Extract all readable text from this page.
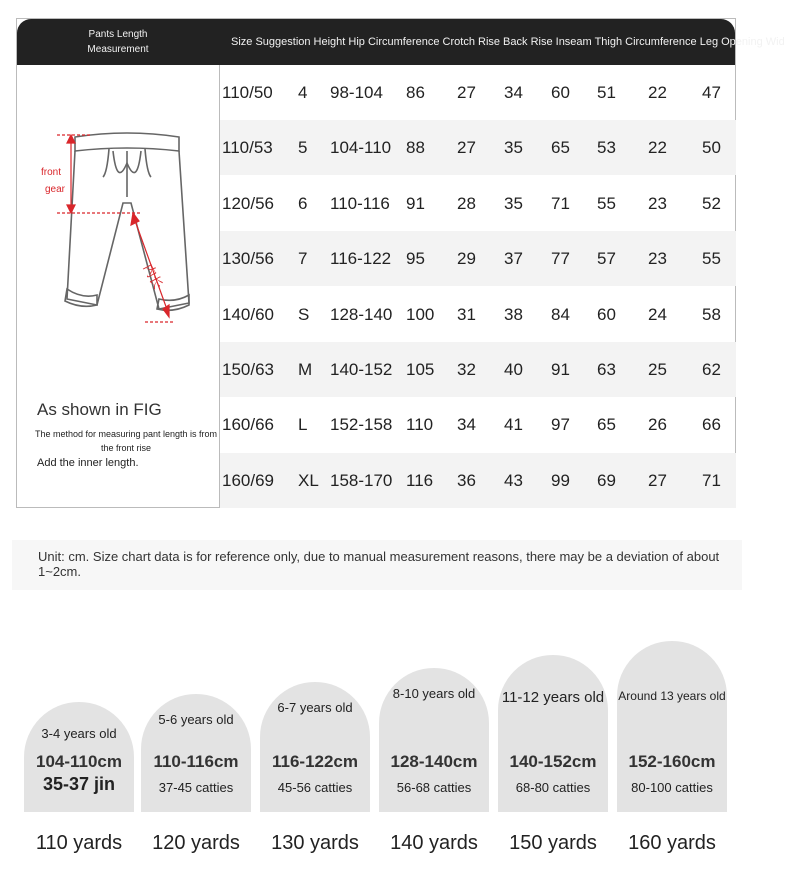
Pants Length
Measurement
Size Suggestion Height Hip Circumference Crotch Rise Back Rise Inseam Thigh Circumference Leg Opening Wid
front
gear
内长
As shown in FIG
The method for measuring pant length is from the front rise
Add the inner length.
110/50 4 98-104 86 27 34 60 51 22 47
110/53 5 104-110 88 27 35 65 53 22 50
120/56 6 110-116 91 28 35 71 55 23 52
130/56 7 116-122 95 29 37 77 57 23 55
140/60 S 128-140 100 31 38 84 60 24 58
150/63 M 140-152 105 32 40 91 63 25 62
160/66 L 152-158 110 34 41 97 65 26 66
160/69 XL 158-170 116 36 43 99 69 27 71
Unit: cm. Size chart data is for reference only, due to manual measurement reasons, there may be a deviation of about 1~2cm.
3-4 years old
104-110cm
35-37 jin
110 yards
5-6 years old
110-116cm
37-45 catties
120 yards
6-7 years old
116-122cm
45-56 catties
130 yards
8-10 years old
128-140cm
56-68 catties
140 yards
11-12 years old
140-152cm
68-80 catties
150 yards
Around 13 years old
152-160cm
80-100 catties
160 yards
